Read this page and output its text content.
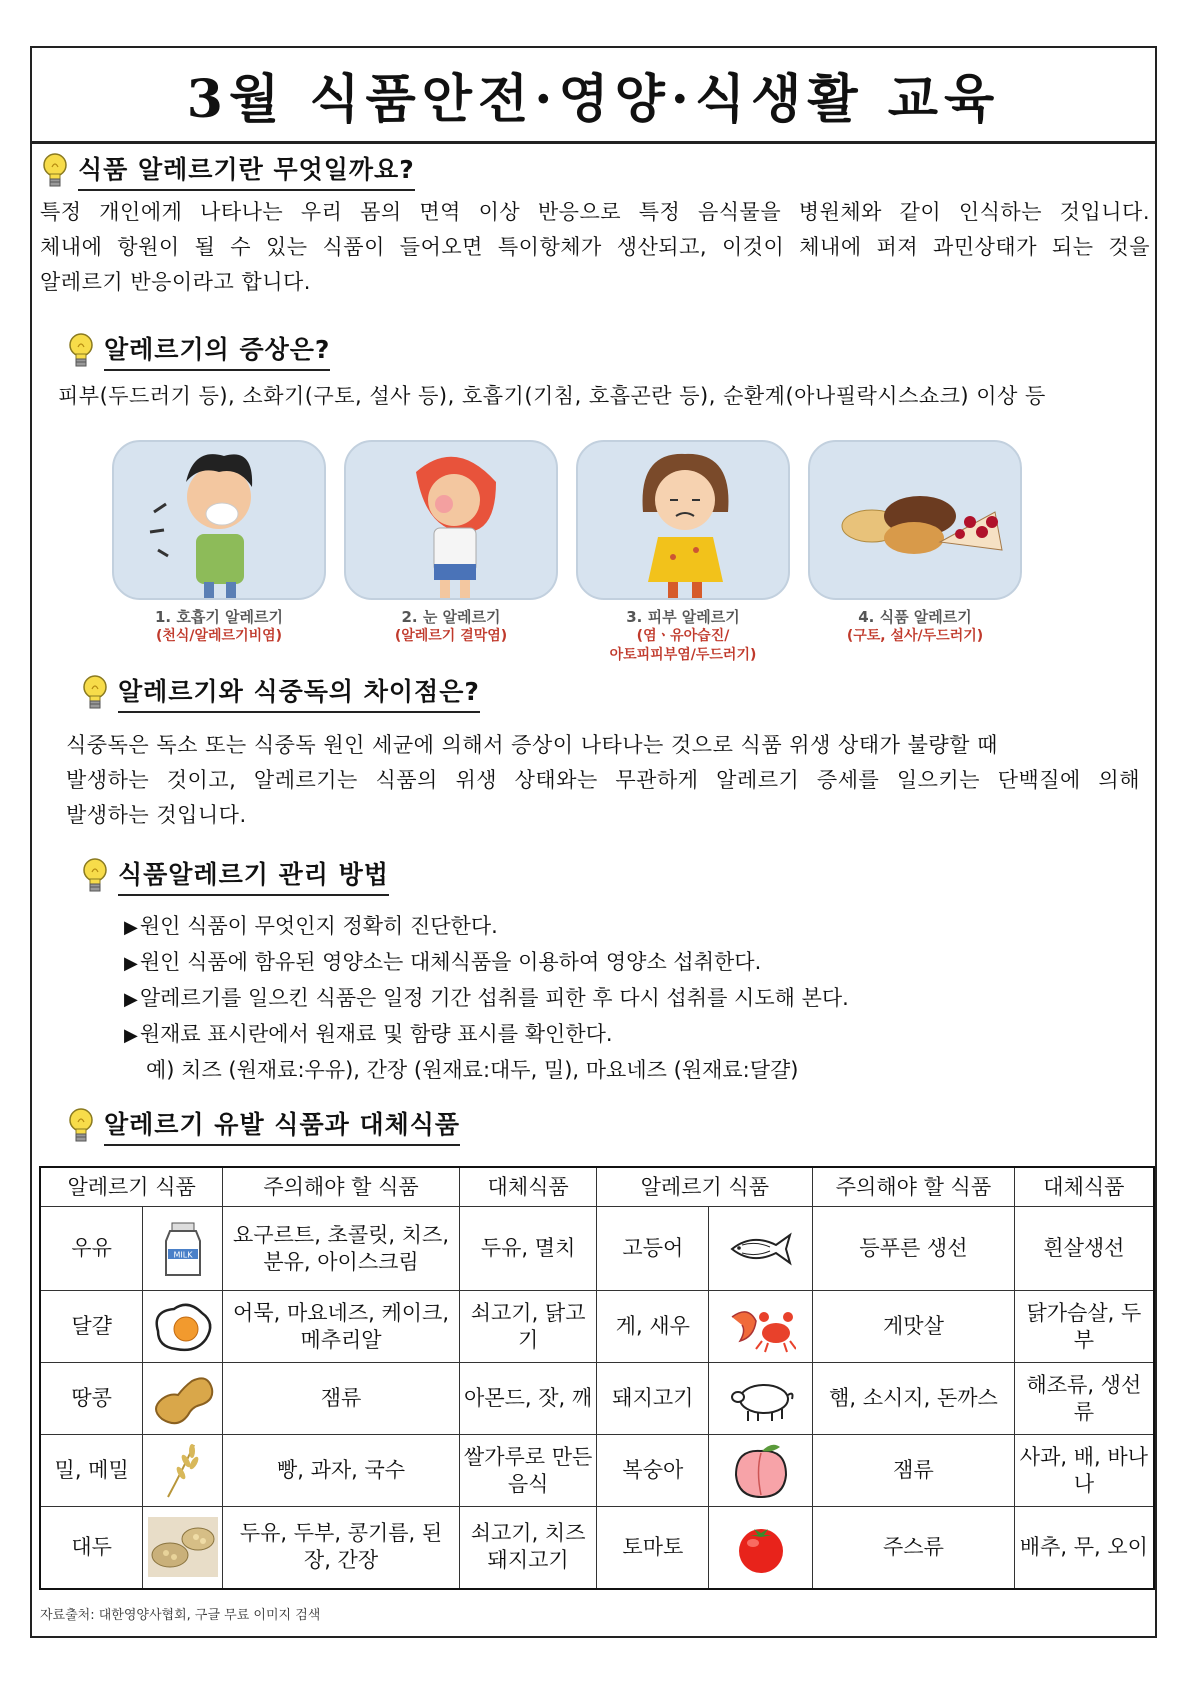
3월 식품안전·영양·식생활 교육
식품 알레르기란 무엇일까요?
특정 개인에게 나타나는 우리 몸의 면역 이상 반응으로 특정 음식물을 병원체와 같이 인식하는 것입니다.
체내에 항원이 될 수 있는 식품이 들어오면 특이항체가 생산되고, 이것이 체내에 퍼져 과민상태가 되는 것을
알레르기 반응이라고 합니다.
알레르기의 증상은?
피부(두드러기 등), 소화기(구토, 설사 등), 호흡기(기침, 호흡곤란 등), 순환계(아나필락시스쇼크) 이상 등
1. 호흡기 알레르기
(천식/알레르기비염)
2. 눈 알레르기
(알레르기 결막염)
3. 피부 알레르기
(염ㆍ유아습진/
아토피피부염/두드러기)
4. 식품 알레르기
(구토, 설사/두드러기)
알레르기와 식중독의 차이점은?
식중독은 독소 또는 식중독 원인 세균에 의해서 증상이 나타나는 것으로 식품 위생 상태가 불량할 때
발생하는 것이고, 알레르기는 식품의 위생 상태와는 무관하게 알레르기 증세를 일으키는 단백질에 의해
발생하는 것입니다.
식품알레르기 관리 방법
▶ 원인 식품이 무엇인지 정확히 진단한다.
▶ 원인 식품에 함유된 영양소는 대체식품을 이용하여 영양소 섭취한다.
▶ 알레르기를 일으킨 식품은 일정 기간 섭취를 피한 후 다시 섭취를 시도해 본다.
▶ 원재료 표시란에서 원재료 및 함량 표시를 확인한다.
예) 치즈 (원재료:우유), 간장 (원재료:대두, 밀), 마요네즈 (원재료:달걀)
알레르기 유발 식품과 대체식품
알레르기 식품		주의해야 할 식품	대체식품	알레르기 식품		주의해야 할 식품	대체식품
우유	MILK	요구르트, 초콜릿, 치즈, 분유, 아이스크림	두유, 멸치	고등어		등푸른 생선	흰살생선
달걀		어묵, 마요네즈, 케이크, 메추리알	쇠고기, 닭고기	게, 새우		게맛살	닭가슴살, 두부
땅콩		잼류	아몬드, 잣, 깨	돼지고기		햄, 소시지, 돈까스	해조류, 생선류
밀, 메밀		빵, 과자, 국수	쌀가루로 만든 음식	복숭아		잼류	사과, 배, 바나나
대두		두유, 두부, 콩기름, 된장, 간장	쇠고기, 치즈 돼지고기	토마토		주스류	배추, 무, 오이
자료출처: 대한영양사협회, 구글 무료 이미지 검색
